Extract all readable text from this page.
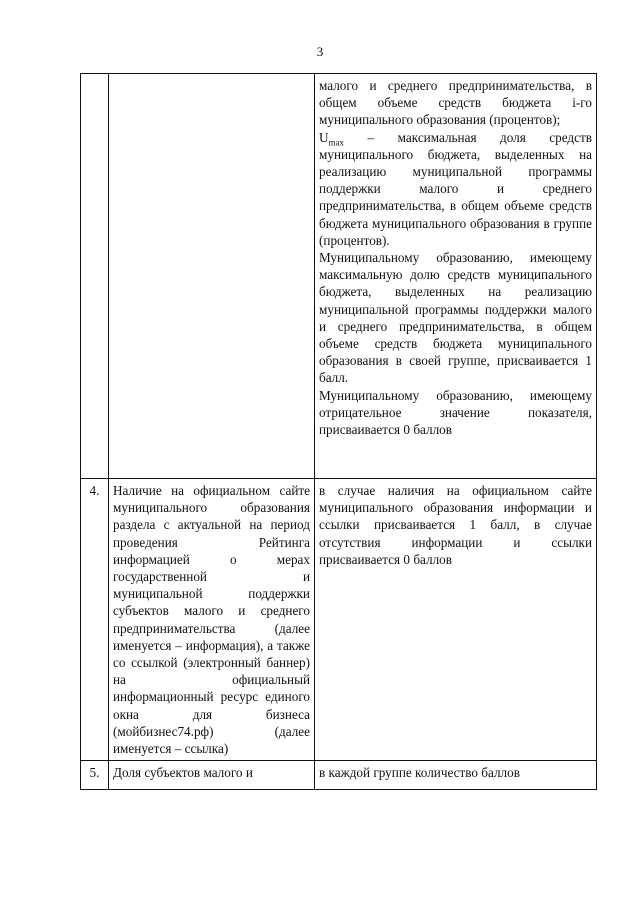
3

		малого и среднего предпринимательства, в общем объеме средств бюджета i-го муниципального образования (процентов);

$U_{max}$ – максимальная доля средств муниципального бюджета, выделенных на реализацию муниципальной программы поддержки малого и среднего предпринимательства, в общем объеме средств бюджета муниципального образования в группе (процентов).

Муниципальному образованию, имеющему максимальную долю средств муниципального бюджета, выделенных на реализацию муниципальной программы поддержки малого и среднего предпринимательства, в общем объеме средств бюджета муниципального образования в своей группе, присваивается 1 балл.

Муниципальному образованию, имеющему отрицательное значение показателя, присваивается 0 баллов

4.	Наличие на официальном сайте муниципального образования раздела с актуальной на период проведения Рейтинга информацией о мерах государственной и муниципальной поддержки субъектов малого и среднего предпринимательства (далее именуется – информация), а также со ссылкой (электронный баннер) на официальный информационный ресурс единого окна для бизнеса (мойбизнес74.рф) (далее именуется – ссылка)	в случае наличия на официальном сайте муниципального образования информации и ссылки присваивается 1 балл, в случае отсутствия информации и ссылки присваивается 0 баллов
5.	Доля субъектов малого и	в каждой группе количество баллов
